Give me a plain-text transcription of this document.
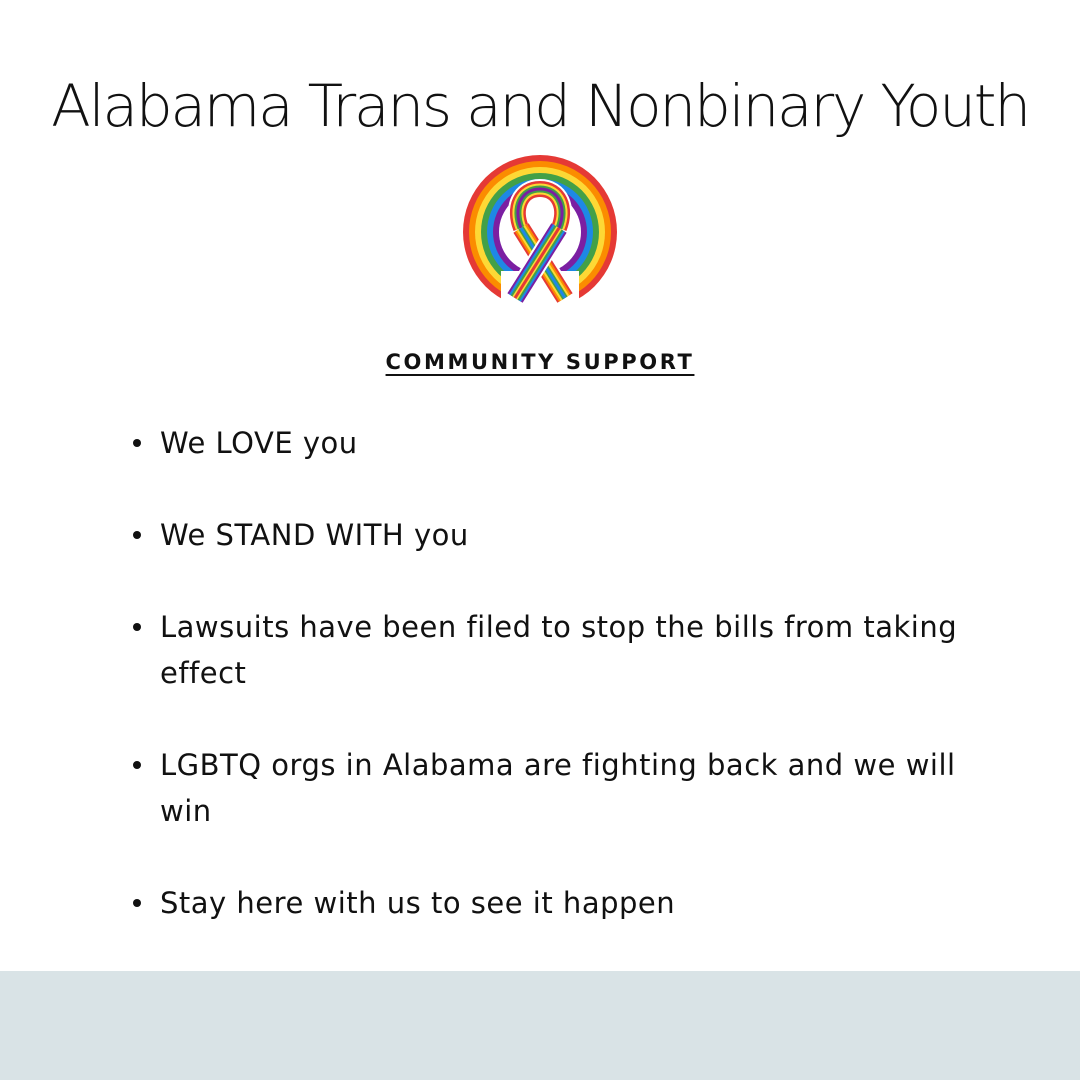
Alabama Trans and Nonbinary Youth
COMMUNITY SUPPORT
We LOVE you
We STAND WITH you
Lawsuits have been filed to stop the bills from taking effect
LGBTQ orgs in Alabama are fighting back and we will win
Stay here with us to see it happen
